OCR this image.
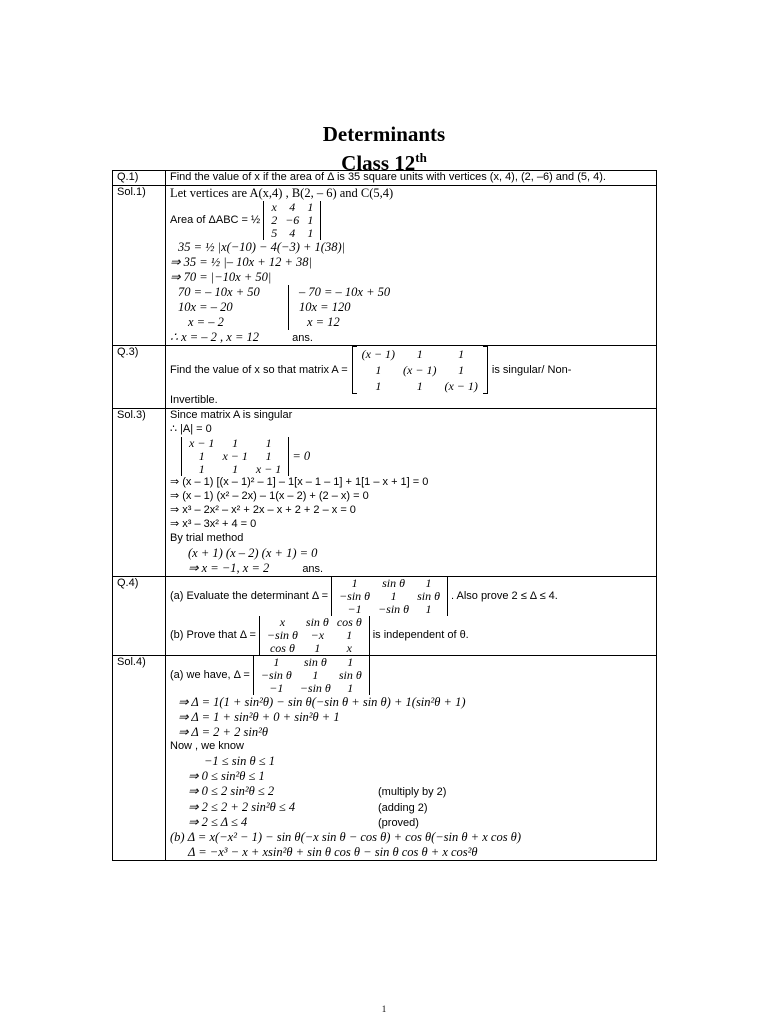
Determinants
Class 12th
Q.1)	Find the value of x if the area of Δ is 35 square units with vertices (x, 4), (2, –6) and (5, 4).

Sol.1)	Let vertices are A(x,4) , B(2, – 6) and C(5,4)
Area of ΔABC = ½
x	4	1
2	−6	1
5	4	1
35 = ½ |x(−10) − 4(−3) + 1(38)|
⇒ 35 = ½ |– 10x + 12 + 38|
⇒ 70 = |−10x + 50|
70 = – 10x + 50
10x = – 20
x = – 2
– 70 = – 10x + 50
10x = 120
x = 12
∴ x = – 2 , x = 12	ans.

Q.3)	
Find the value of x so that matrix A =
(x − 1)	1	1
1	(x − 1)	1
1	1	(x − 1)
is singular/ Non-
Invertible.

Sol.3)	Since matrix A is singular
∴ |A| = 0
x − 1	1	1
1	x − 1	1
1	1	x − 1
= 0
⇒ (x – 1) [(x – 1)² – 1] – 1[x – 1 – 1] + 1[1 – x + 1] = 0
⇒ (x – 1) (x² – 2x) – 1(x – 2) + (2 – x) = 0
⇒ x³ – 2x² – x² + 2x – x + 2 + 2 – x = 0
⇒ x³ – 3x² + 4 = 0
By trial method
(x + 1) (x – 2) (x + 1) = 0
⇒ x = −1, x = 2	ans.

Q.4)	
(a) Evaluate the determinant Δ =
1	sin θ	1
−sin θ	1	sin θ
−1	−sin θ	1
. Also prove 2 ≤ Δ ≤ 4.
(b) Prove that Δ =
x	sin θ	cos θ
−sin θ	−x	1
cos θ	1	x
is independent of θ.

Sol.4)	
(a) we have, Δ =
1	sin θ	1
−sin θ	1	sin θ
−1	−sin θ	1
⇒ Δ = 1(1 + sin²θ) − sin θ(−sin θ + sin θ) + 1(sin²θ + 1)
⇒ Δ = 1 + sin²θ + 0 + sin²θ + 1
⇒ Δ = 2 + 2 sin²θ
Now , we know
−1 ≤ sin θ ≤ 1
⇒ 0 ≤ sin²θ ≤ 1
⇒ 0 ≤ 2 sin²θ ≤ 2	(multiply by 2)
⇒ 2 ≤ 2 + 2 sin²θ ≤ 4	(adding 2)
⇒ 2 ≤ Δ ≤ 4	(proved)
(b) Δ = x(−x² − 1) − sin θ(−x sin θ − cos θ) + cos θ(−sin θ + x cos θ)
Δ = −x³ − x + xsin²θ + sin θ cos θ − sin θ cos θ + x cos²θ
1
